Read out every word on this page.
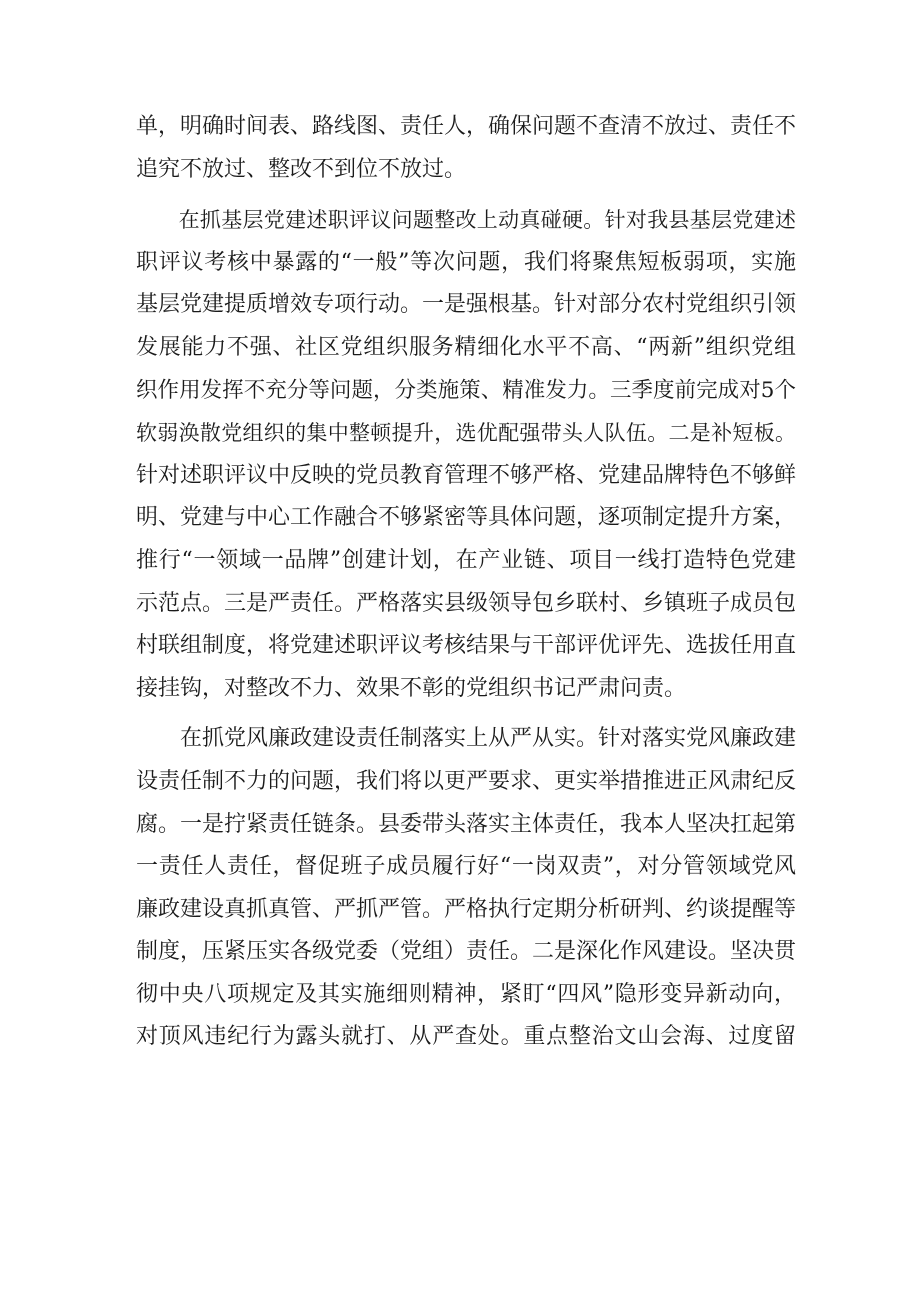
单，明确时间表、路线图、责任人，确保问题不查清不放过、责任不
追究不放过、整改不到位不放过。
　　在抓基层党建述职评议问题整改上动真碰硬。针对我县基层党建述
职评议考核中暴露的“一般”等次问题，我们将聚焦短板弱项，实施
基层党建提质增效专项行动。一是强根基。针对部分农村党组织引领
发展能力不强、社区党组织服务精细化水平不高、“两新”组织党组
织作用发挥不充分等问题，分类施策、精准发力。三季度前完成对5个
软弱涣散党组织的集中整顿提升，选优配强带头人队伍。二是补短板。
针对述职评议中反映的党员教育管理不够严格、党建品牌特色不够鲜
明、党建与中心工作融合不够紧密等具体问题，逐项制定提升方案，
推行“一领域一品牌”创建计划，在产业链、项目一线打造特色党建
示范点。三是严责任。严格落实县级领导包乡联村、乡镇班子成员包
村联组制度，将党建述职评议考核结果与干部评优评先、选拔任用直
接挂钩，对整改不力、效果不彰的党组织书记严肃问责。
　　在抓党风廉政建设责任制落实上从严从实。针对落实党风廉政建
设责任制不力的问题，我们将以更严要求、更实举措推进正风肃纪反
腐。一是拧紧责任链条。县委带头落实主体责任，我本人坚决扛起第
一责任人责任，督促班子成员履行好“一岗双责”，对分管领域党风
廉政建设真抓真管、严抓严管。严格执行定期分析研判、约谈提醒等
制度，压紧压实各级党委（党组）责任。二是深化作风建设。坚决贯
彻中央八项规定及其实施细则精神，紧盯“四风”隐形变异新动向，
对顶风违纪行为露头就打、从严查处。重点整治文山会海、过度留
